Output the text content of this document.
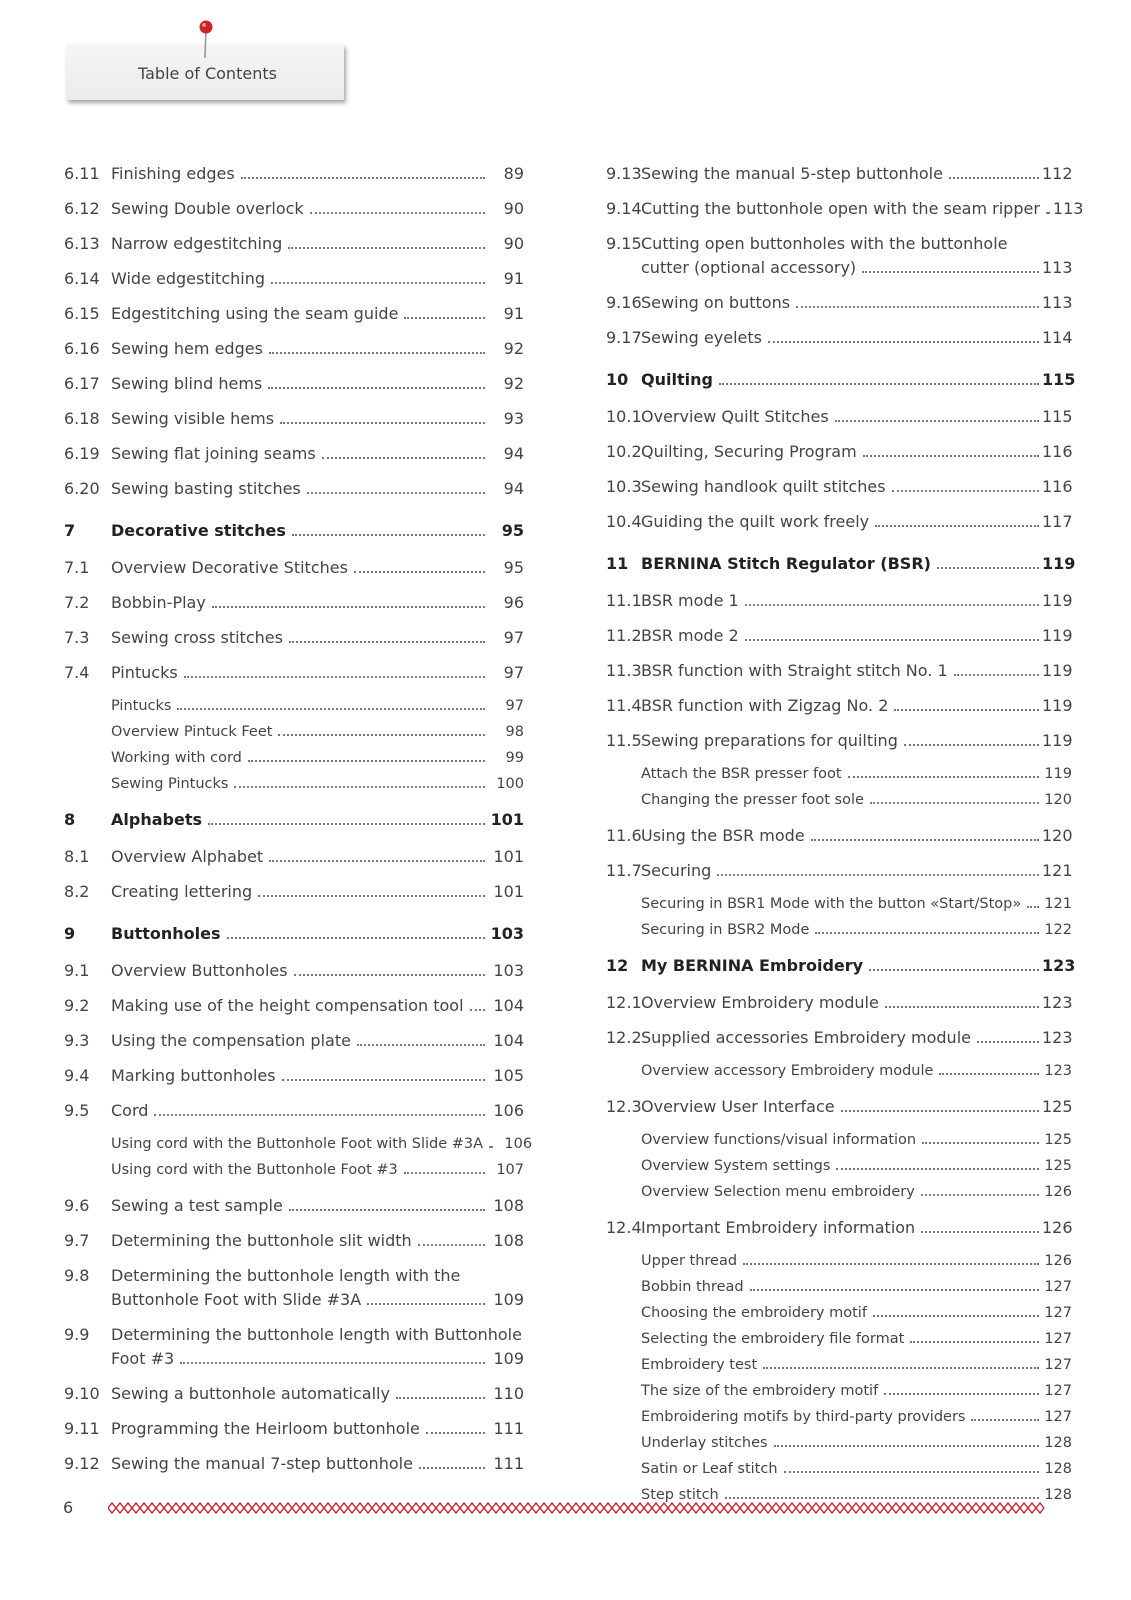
Table of Contents
6.11 Finishing edges	89
6.12 Sewing Double overlock	90
6.13 Narrow edgestitching	90
6.14 Wide edgestitching	91
6.15 Edgestitching using the seam guide	91
6.16 Sewing hem edges	92
6.17 Sewing blind hems	92
6.18 Sewing visible hems	93
6.19 Sewing flat joining seams	94
6.20 Sewing basting stitches	94
7 Decorative stitches	95
7.1 Overview Decorative Stitches	95
7.2 Bobbin-Play	96
7.3 Sewing cross stitches	97
7.4 Pintucks	97
Pintucks	97
Overview Pintuck Feet	98
Working with cord	99
Sewing Pintucks	100
8 Alphabets	101
8.1 Overview Alphabet	101
8.2 Creating lettering	101
9 Buttonholes	103
9.1 Overview Buttonholes	103
9.2 Making use of the height compensation tool	104
9.3 Using the compensation plate	104
9.4 Marking buttonholes	105
9.5 Cord	106
Using cord with the Buttonhole Foot with Slide #3A	106
Using cord with the Buttonhole Foot #3	107
9.6 Sewing a test sample	108
9.7 Determining the buttonhole slit width	108
9.8 Determining the buttonhole length with the
Buttonhole Foot with Slide #3A	109
9.9 Determining the buttonhole length with Buttonhole
Foot #3	109
9.10 Sewing a buttonhole automatically	110
9.11 Programming the Heirloom buttonhole	111
9.12 Sewing the manual 7-step buttonhole	111
9.13 Sewing the manual 5-step buttonhole	112
9.14 Cutting the buttonhole open with the seam ripper 113
9.15 Cutting open buttonholes with the buttonhole
cutter (optional accessory)	113
9.16 Sewing on buttons	113
9.17 Sewing eyelets	114
10 Quilting	115
10.1 Overview Quilt Stitches	115
10.2 Quilting, Securing Program	116
10.3 Sewing handlook quilt stitches	116
10.4 Guiding the quilt work freely	117
11 BERNINA Stitch Regulator (BSR)	119
11.1 BSR mode 1	119
11.2 BSR mode 2	119
11.3 BSR function with Straight stitch No. 1	119
11.4 BSR function with Zigzag No. 2	119
11.5 Sewing preparations for quilting	119
Attach the BSR presser foot	119
Changing the presser foot sole	120
11.6 Using the BSR mode	120
11.7 Securing	121
Securing in BSR1 Mode with the button «Start/Stop» 121
Securing in BSR2 Mode	122
12 My BERNINA Embroidery	123
12.1 Overview Embroidery module	123
12.2 Supplied accessories Embroidery module	123
Overview accessory Embroidery module	123
12.3 Overview User Interface	125
Overview functions/visual information	125
Overview System settings	125
Overview Selection menu embroidery	126
12.4 Important Embroidery information	126
Upper thread	126
Bobbin thread	127
Choosing the embroidery motif	127
Selecting the embroidery file format	127
Embroidery test	127
The size of the embroidery motif	127
Embroidering motifs by third-party providers	127
Underlay stitches	128
Satin or Leaf stitch	128
Step stitch	128
6
